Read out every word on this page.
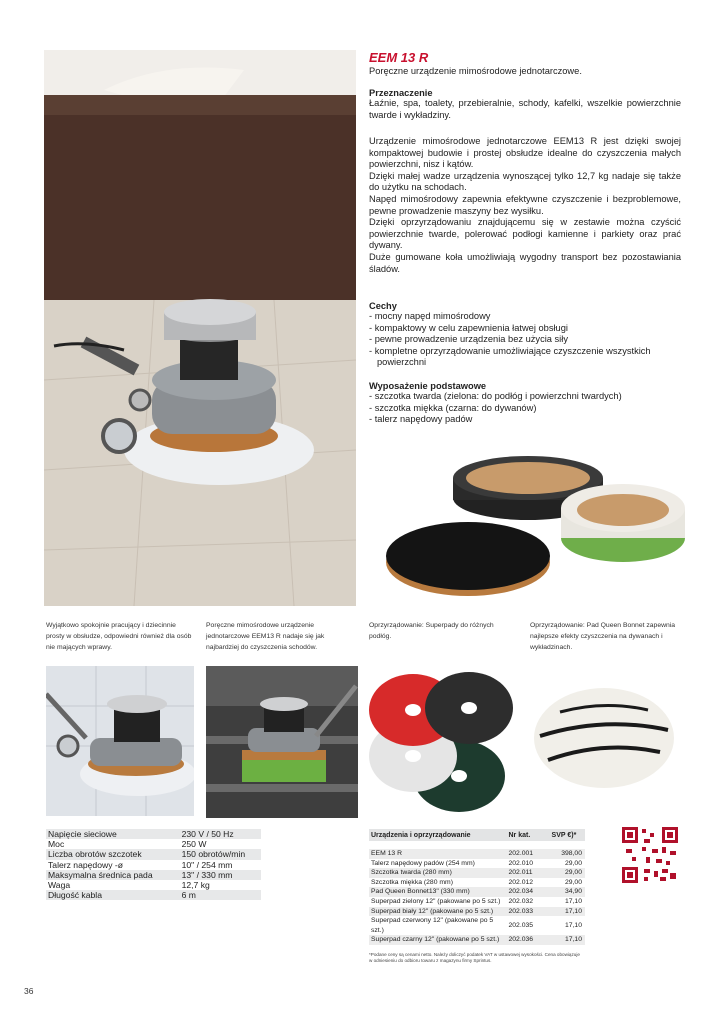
EEM 13 R
Poręczne urządzenie mimośrodowe jednotarczowe.
Przeznaczenie
Łaźnie, spa, toalety, przebieralnie, schody, kafelki, wszelkie powierzchnie twarde i wykładziny.

Urządzenie mimośrodowe jednotarczowe EEM13 R jest dzięki swojej kompaktowej budowie i prostej obsłudze idealne do czyszczenia małych powierzchni, nisz i kątów.

Dzięki małej wadze urządzenia wynoszącej tylko 12,7 kg nadaje się także do użytku na schodach.

Napęd mimośrodowy zapewnia efektywne czyszczenie i bezproblemowe, pewne prowadzenie maszyny bez wysiłku.

Dzięki oprzyrządowaniu znajdującemu się w zestawie można czyścić powierzchnie twarde, polerować podłogi kamienne i parkiety oraz prać dywany.

Duże gumowane koła umożliwiają wygodny transport bez pozostawiania śladów.

Cechy
- mocny napęd mimośrodowy
- kompaktowy w celu zapewnienia łatwej obsługi
- pewne prowadzenie urządzenia bez użycia siły
- kompletne oprzyrządowanie umożliwiające czyszczenie wszystkich powierzchni
Wyposażenie podstawowe
- szczotka twarda (zielona: do podłóg i powierzchni twardych)
- szczotka miękka (czarna: do dywanów)
- talerz napędowy padów
Wyjątkowo spokojnie pracujący i dziecinnie prosty w obsłudze, odpowiedni również dla osób nie mających wprawy.
Poręczne mimośrodowe urządzenie jednotarczowe EEM13 R nadaje się jak najbardziej do czyszczenia schodów.
Oprzyrządowanie: Superpady do różnych podłóg.
Oprzyrządowanie: Pad Queen Bonnet zapewnia najlepsze efekty czyszczenia na dywanach i wykładzinach.
Napięcie sieciowe	230 V / 50 Hz
Moc	250 W
Liczba obrotów szczotek	150 obrotów/min
Talerz napędowy -ø	10" / 254 mm
Maksymalna średnica pada	13" / 330 mm
Waga	12,7 kg
Długość kabla	6 m
Urządzenia i oprzyrządowanie	Nr kat.	SVP €)*

EEM 13 R	202.001	398,00
Talerz napędowy padów (254 mm)	202.010	29,00
Szczotka twarda (280 mm)	202.011	29,00
Szczotka miękka (280 mm)	202.012	29,00
Pad Queen Bonnet13" (330 mm)	202.034	34,90
Superpad zielony 12" (pakowane po 5 szt.)	202.032	17,10
Superpad biały 12" (pakowane po 5 szt.)	202.033	17,10
Superpad czerwony 12" (pakowane po 5 szt.)	202.035	17,10
Superpad czarny 12" (pakowane po 5 szt.)	202.036	17,10
*Podane ceny są cenami netto. Należy doliczyć podatek VAT w ustawowej wysokości. Cena obowiązuje w odniesieniu do odbioru towaru z magazynu firmy Sprintus.
36
